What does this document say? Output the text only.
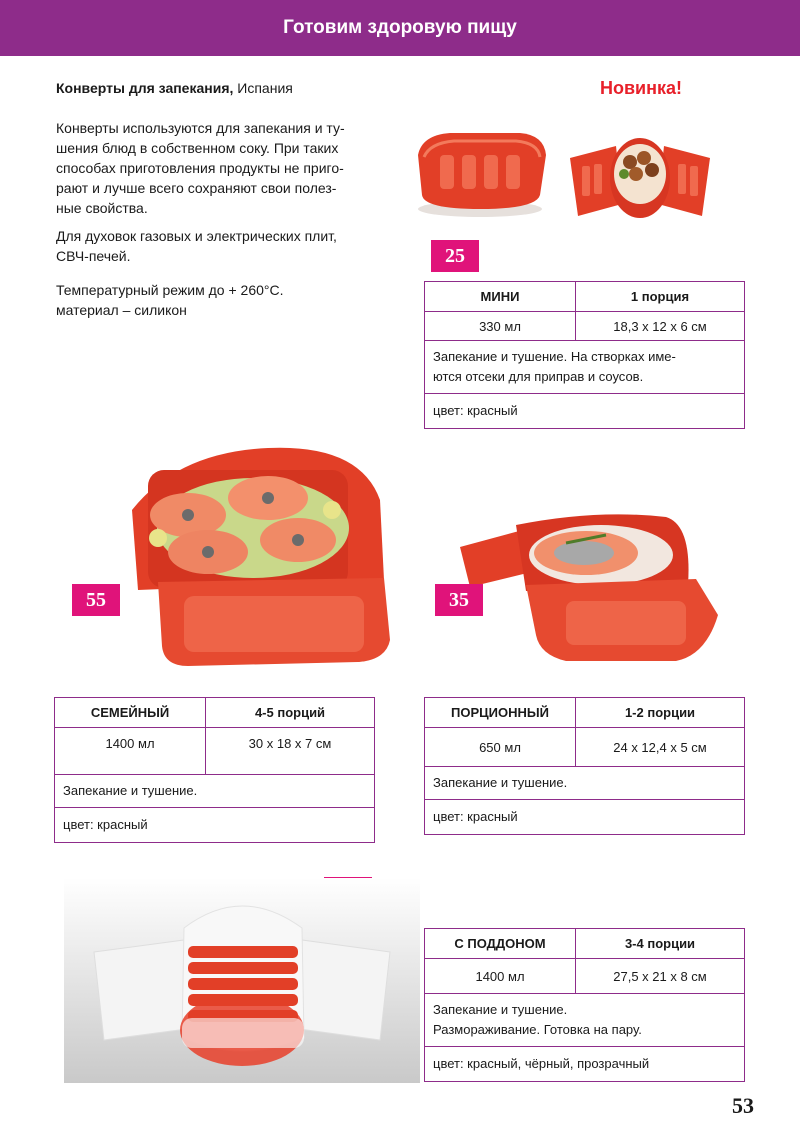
Готовим здоровую пищу

Конверты для запекания, Испания

Конверты используются для запекания и ту-

шения блюд в собственном соку. При таких

способах приготовления продукты не приго-

рают и лучше всего сохраняют свои полез-

ные свойства.

Для духовок газовых и электрических плит,

СВЧ-печей.

Температурный режим до + 260°С.

материал – силикон

Новинка!
25
МИНИ	1 порция
330 мл	18,3 х 12 х 6 см

Запекание и тушение. На створках име-
ются отсеки для приправ и соусов.	

цвет: красный	
55	35
СЕМЕЙНЫЙ	4-5 порций
1400 мл	30 х 18 х 7 см
Запекание и тушение.	
цвет: красный	
ПОРЦИОННЫЙ	1-2 порции
650 мл	24 х 12,4 х 5 см
Запекание и тушение.	
цвет: красный	
С ПОДДОНОМ	3-4 порции
1400 мл	27,5 х 21 х 8 см

Запекание и тушение.
Размораживание. Готовка на пару.	

цвет: красный, чёрный, прозрачный	
53
